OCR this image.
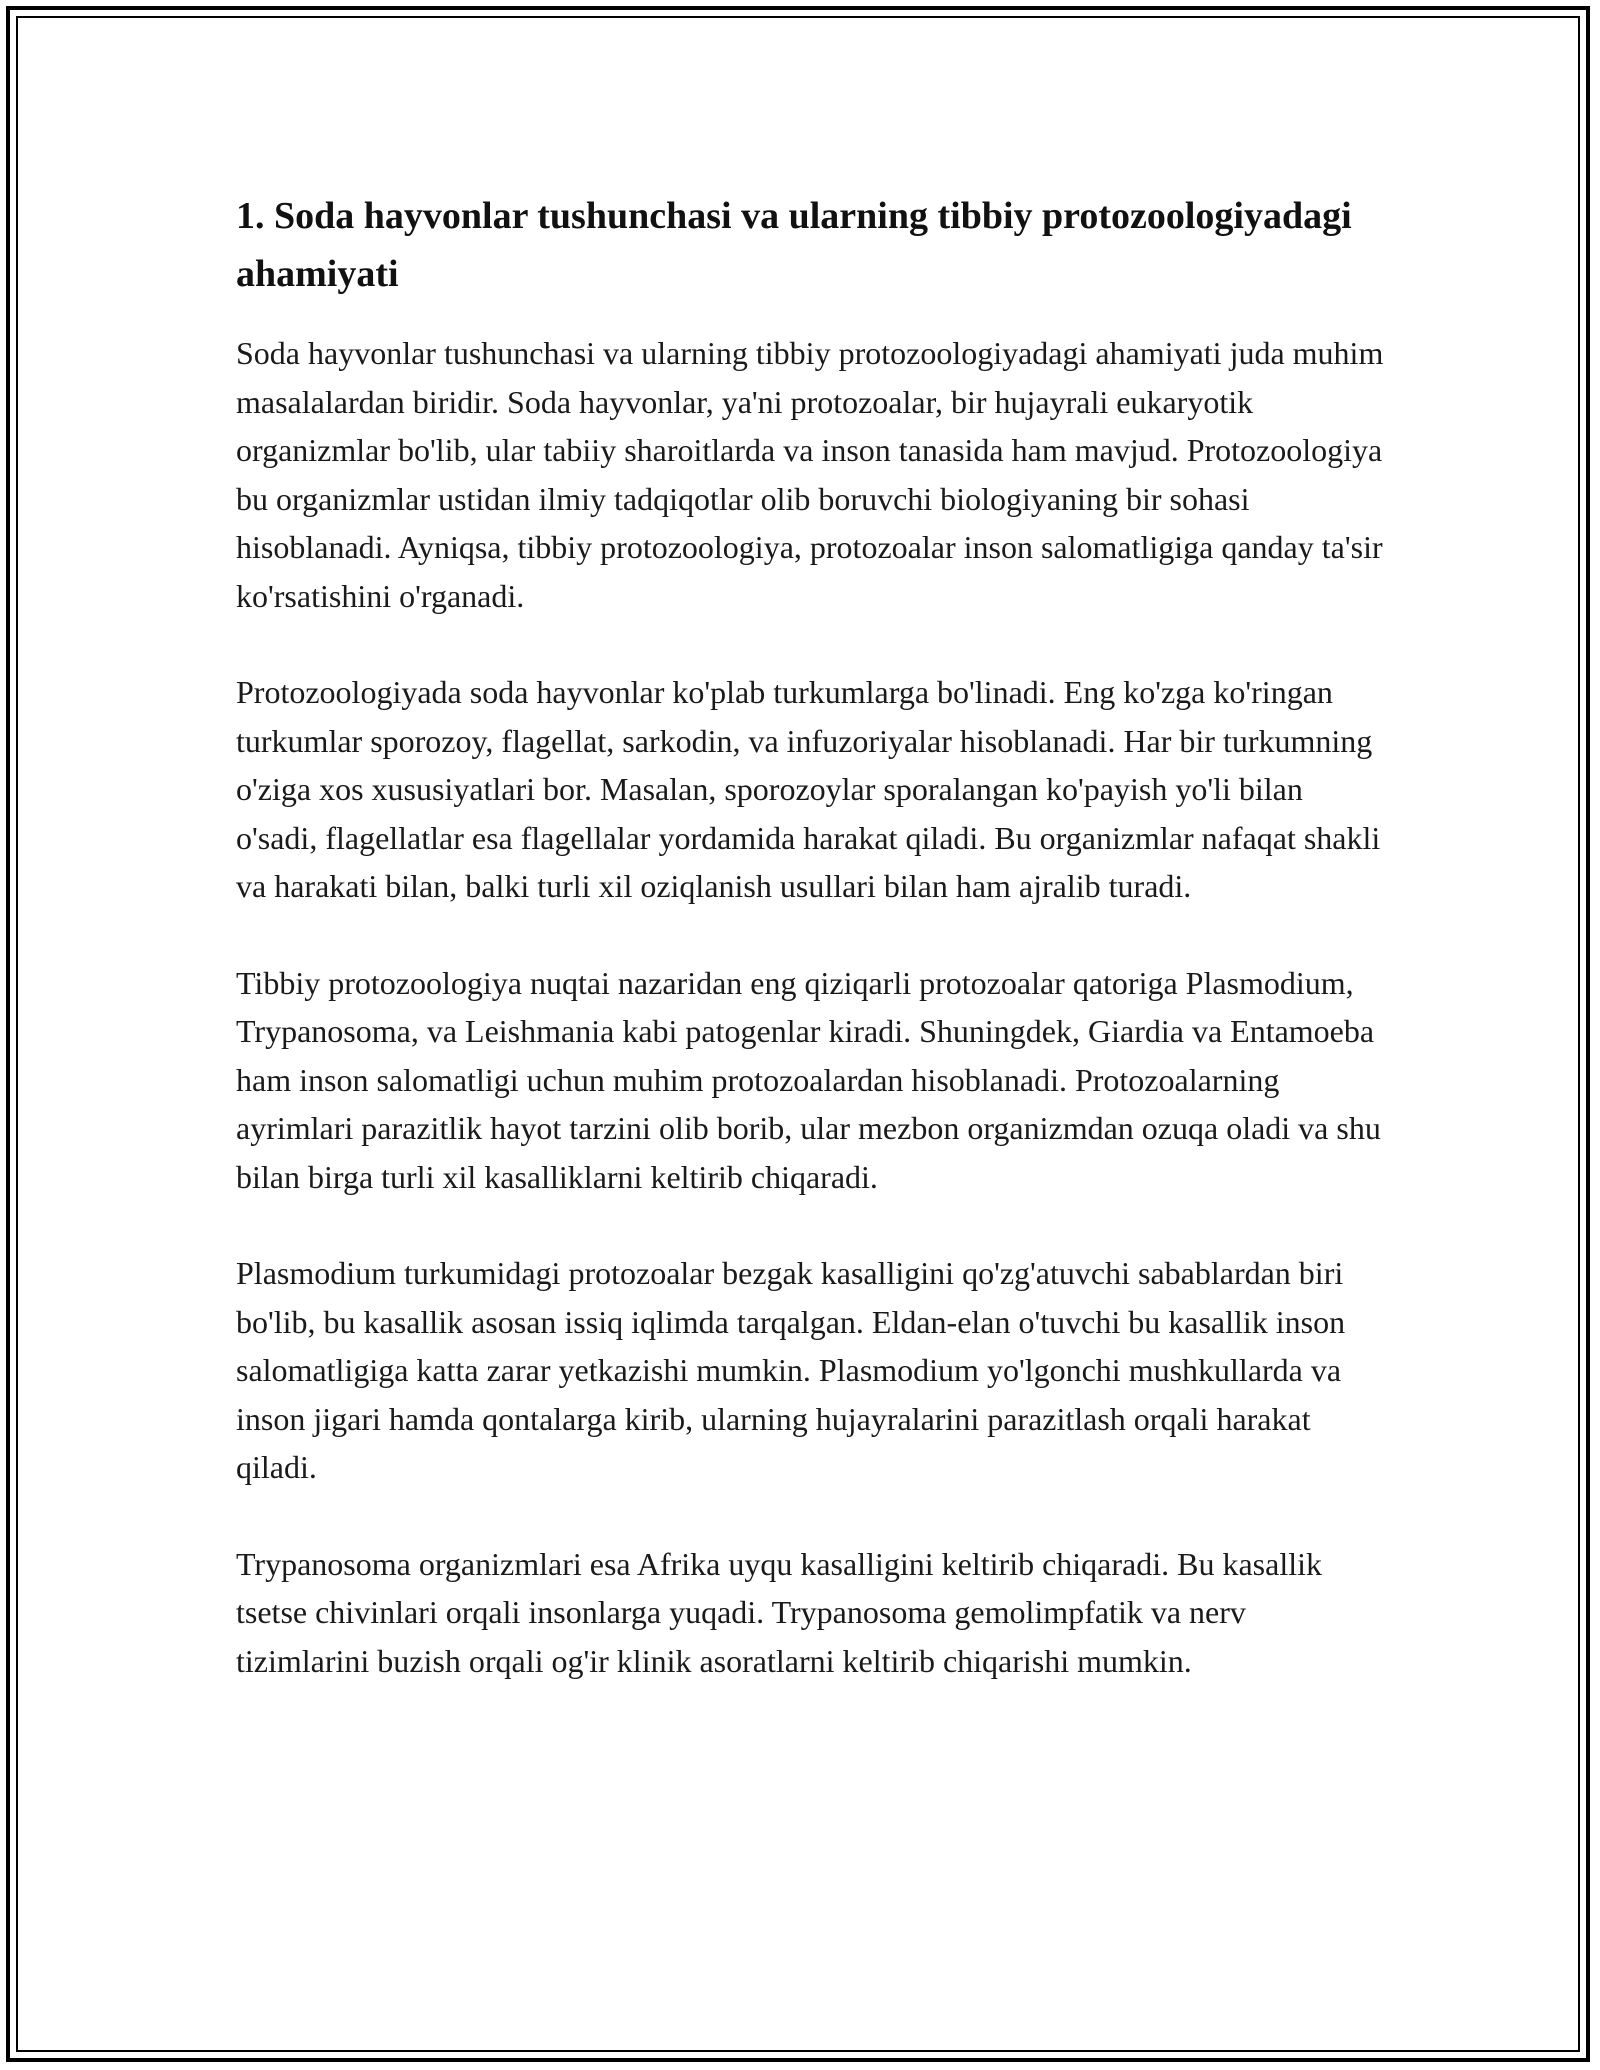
1. Soda hayvonlar tushunchasi va ularning tibbiy protozoologiyadagi ahamiyati

Soda hayvonlar tushunchasi va ularning tibbiy protozoologiyadagi ahamiyati juda muhim masalalardan biridir. Soda hayvonlar, ya'ni protozoalar, bir hujayrali eukaryotik organizmlar bo'lib, ular tabiiy sharoitlarda va inson tanasida ham mavjud. Protozoologiya bu organizmlar ustidan ilmiy tadqiqotlar olib boruvchi biologiyaning bir sohasi hisoblanadi. Ayniqsa, tibbiy protozoologiya, protozoalar inson salomatligiga qanday ta'sir ko'rsatishini o'rganadi.

Protozoologiyada soda hayvonlar ko'plab turkumlarga bo'linadi. Eng ko'zga ko'ringan turkumlar sporozoy, flagellat, sarkodin, va infuzoriyalar hisoblanadi. Har bir turkumning o'ziga xos xususiyatlari bor. Masalan, sporozoylar sporalangan ko'payish yo'li bilan o'sadi, flagellatlar esa flagellalar yordamida harakat qiladi. Bu organizmlar nafaqat shakli va harakati bilan, balki turli xil oziqlanish usullari bilan ham ajralib turadi.

Tibbiy protozoologiya nuqtai nazaridan eng qiziqarli protozoalar qatoriga Plasmodium, Trypanosoma, va Leishmania kabi patogenlar kiradi. Shuningdek, Giardia va Entamoeba ham inson salomatligi uchun muhim protozoalardan hisoblanadi. Protozoalarning ayrimlari parazitlik hayot tarzini olib borib, ular mezbon organizmdan ozuqa oladi va shu bilan birga turli xil kasalliklarni keltirib chiqaradi.

Plasmodium turkumidagi protozoalar bezgak kasalligini qo'zg'atuvchi sabablardan biri bo'lib, bu kasallik asosan issiq iqlimda tarqalgan. Eldan-elan o'tuvchi bu kasallik inson salomatligiga katta zarar yetkazishi mumkin. Plasmodium yo'lgonchi mushkullarda va inson jigari hamda qontalarga kirib, ularning hujayralarini parazitlash orqali harakat qiladi.

Trypanosoma organizmlari esa Afrika uyqu kasalligini keltirib chiqaradi. Bu kasallik tsetse chivinlari orqali insonlarga yuqadi. Trypanosoma gemolimpfatik va nerv tizimlarini buzish orqali og'ir klinik asoratlarni keltirib chiqarishi mumkin.
